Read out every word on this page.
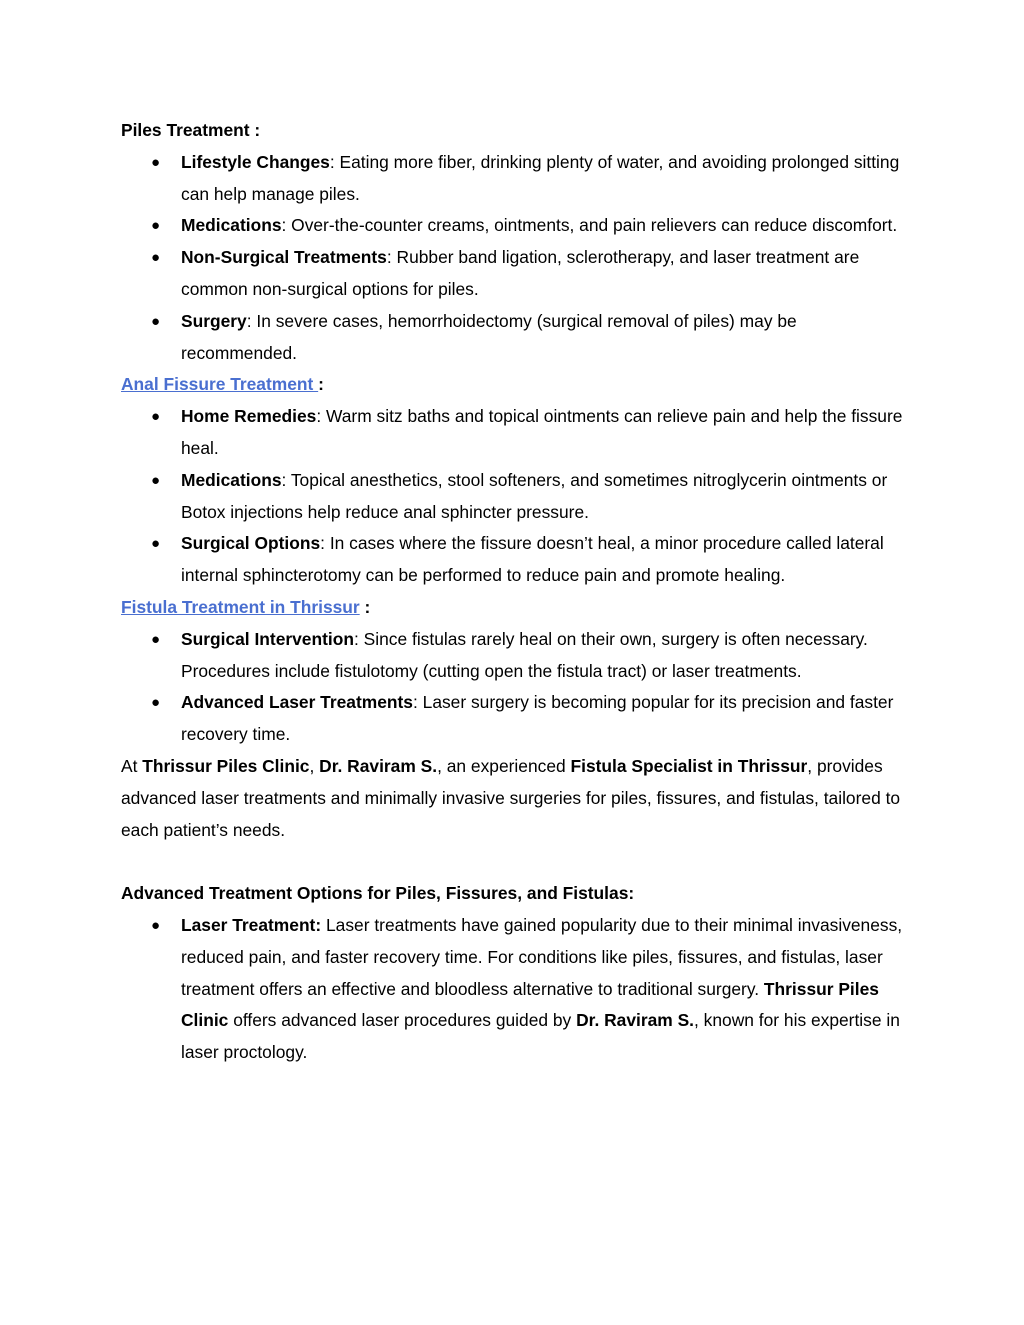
Piles Treatment :

● Lifestyle Changes: Eating more fiber, drinking plenty of water, and avoiding prolonged sitting can help manage piles.
● Medications: Over-the-counter creams, ointments, and pain relievers can reduce discomfort.
● Non-Surgical Treatments: Rubber band ligation, sclerotherapy, and laser treatment are common non-surgical options for piles.
● Surgery: In severe cases, hemorrhoidectomy (surgical removal of piles) may be recommended.

Anal Fissure Treatment :

● Home Remedies: Warm sitz baths and topical ointments can relieve pain and help the fissure heal.
● Medications: Topical anesthetics, stool softeners, and sometimes nitroglycerin ointments or Botox injections help reduce anal sphincter pressure.
● Surgical Options: In cases where the fissure doesn’t heal, a minor procedure called lateral internal sphincterotomy can be performed to reduce pain and promote healing.

Fistula Treatment in Thrissur :

● Surgical Intervention: Since fistulas rarely heal on their own, surgery is often necessary. Procedures include fistulotomy (cutting open the fistula tract) or laser treatments.
● Advanced Laser Treatments: Laser surgery is becoming popular for its precision and faster recovery time.

At Thrissur Piles Clinic, Dr. Raviram S., an experienced Fistula Specialist in Thrissur, provides advanced laser treatments and minimally invasive surgeries for piles, fissures, and fistulas, tailored to each patient’s needs.

Advanced Treatment Options for Piles, Fissures, and Fistulas:

● Laser Treatment: Laser treatments have gained popularity due to their minimal invasiveness, reduced pain, and faster recovery time. For conditions like piles, fissures, and fistulas, laser treatment offers an effective and bloodless alternative to traditional surgery. Thrissur Piles Clinic offers advanced laser procedures guided by Dr. Raviram S., known for his expertise in laser proctology.
